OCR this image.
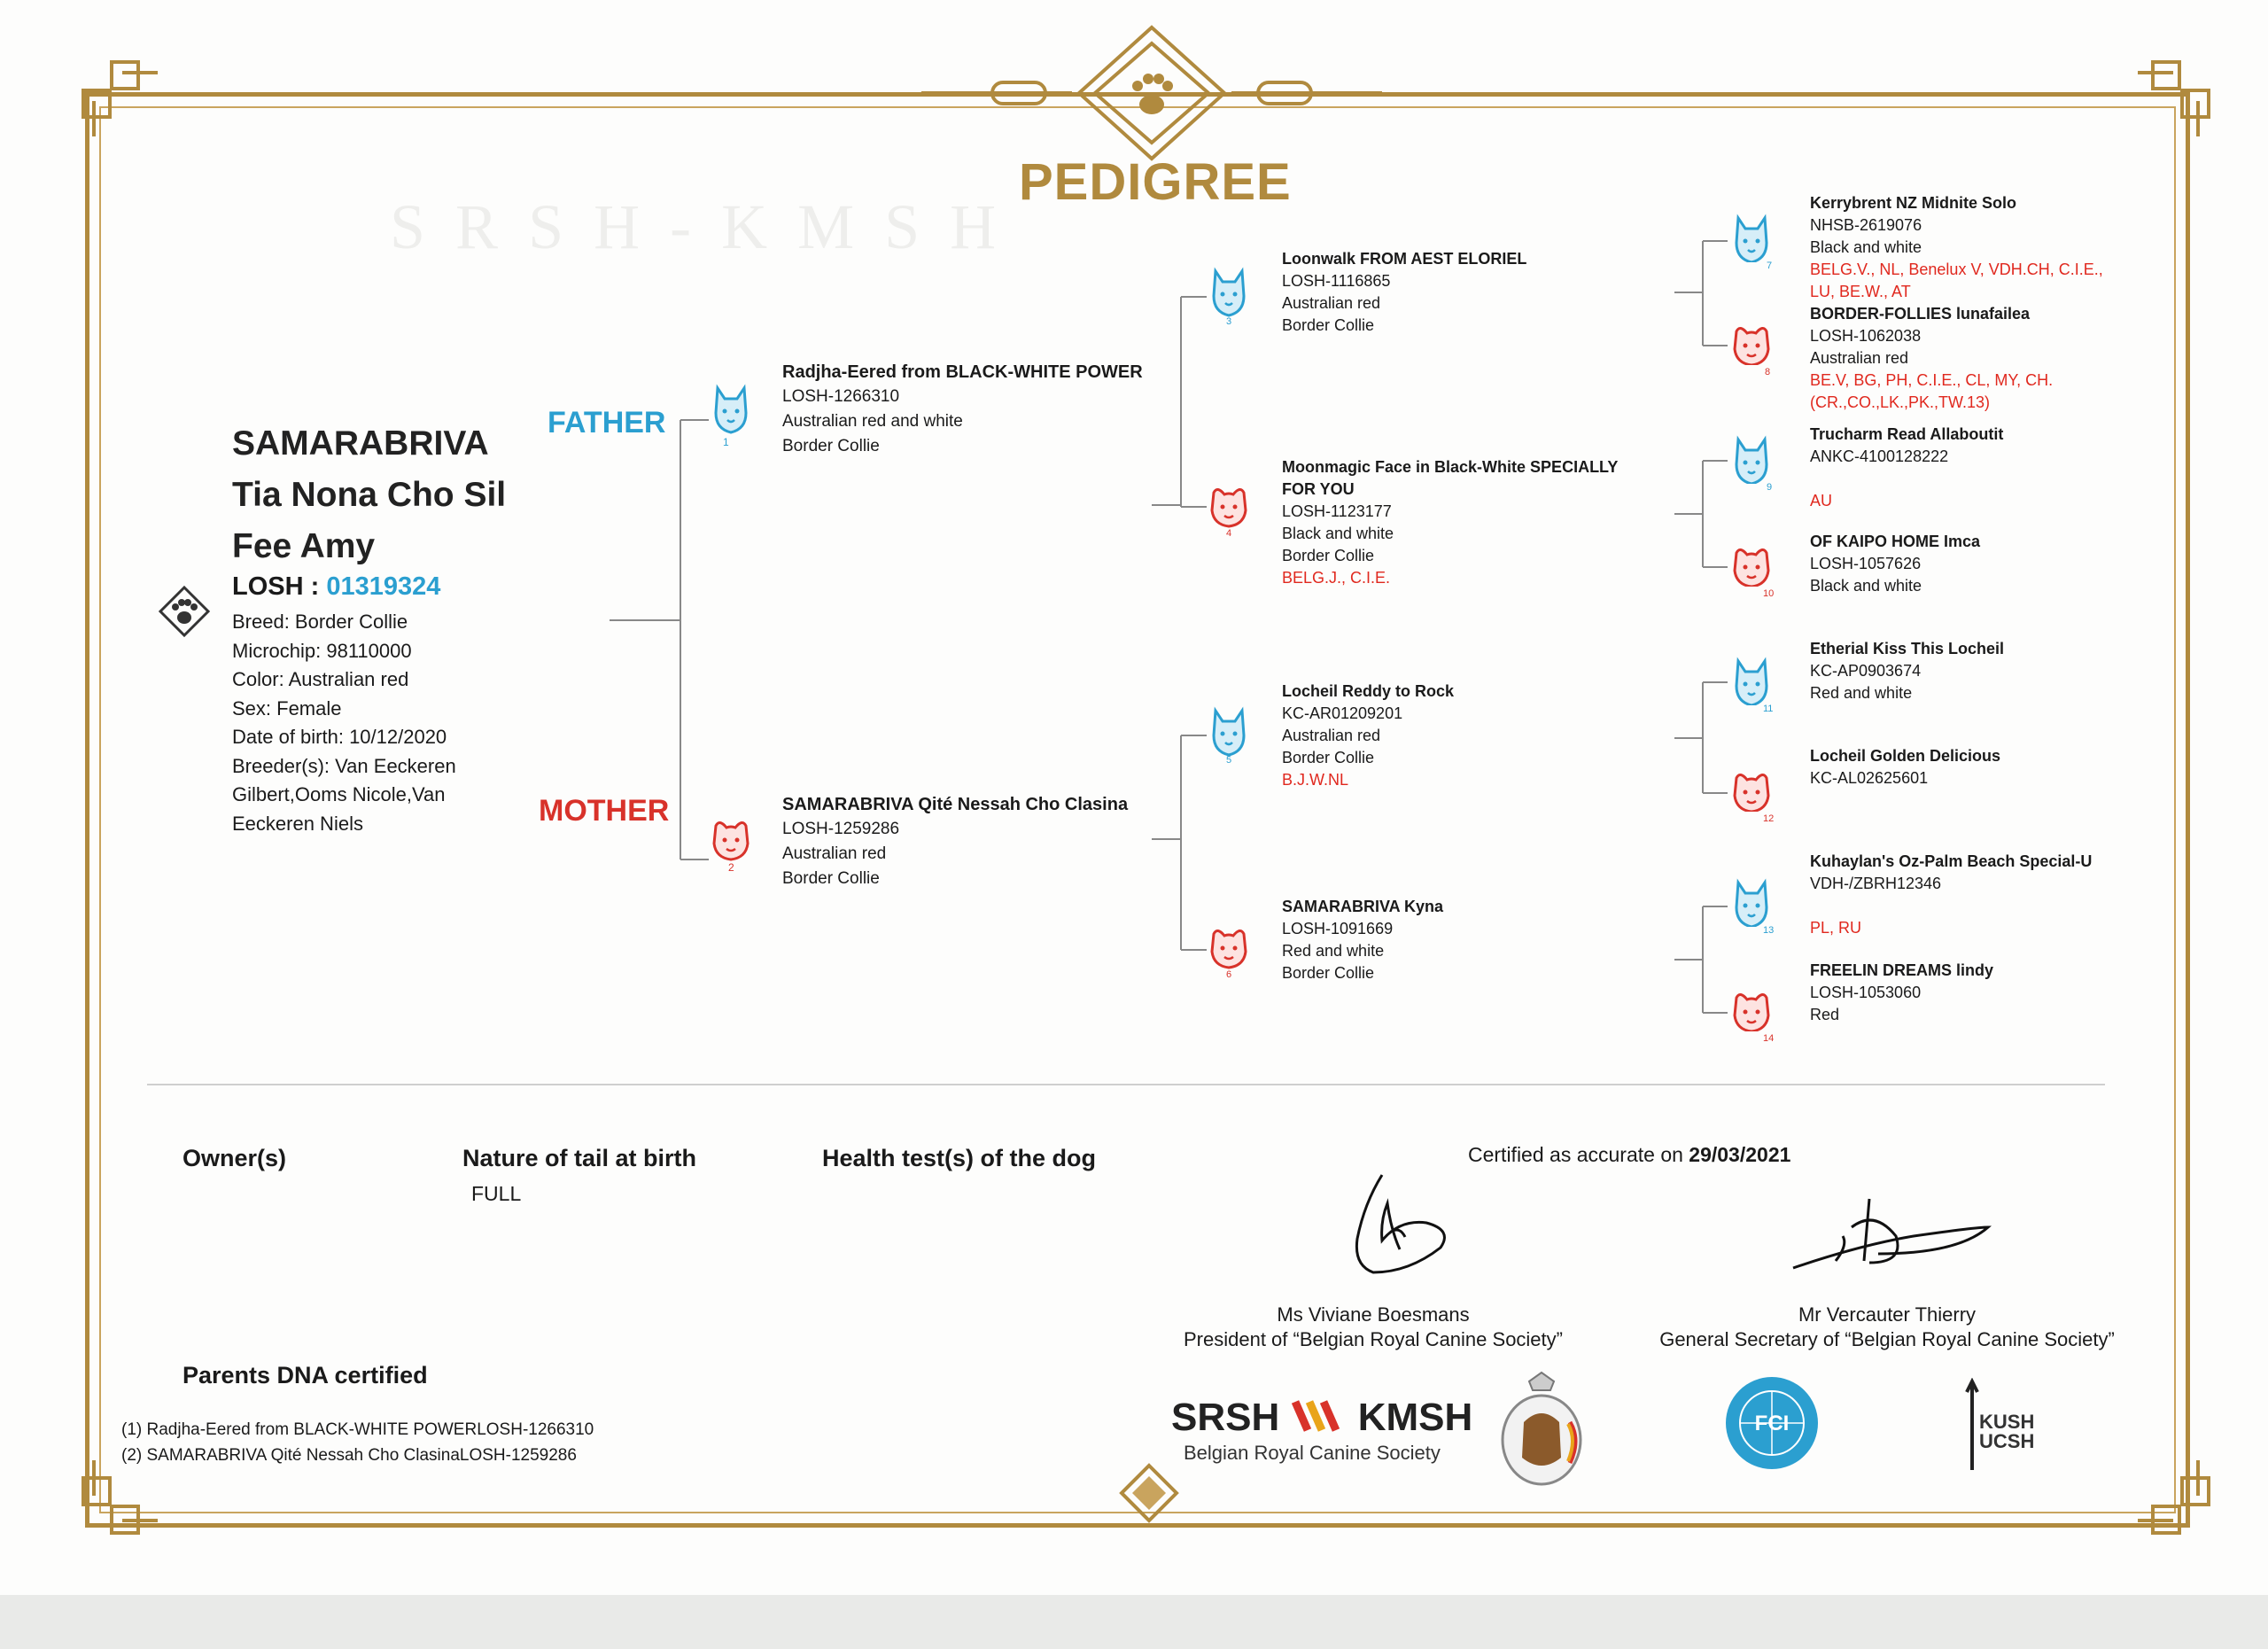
SRSH-KMSH
PEDIGREE
SAMARABRIVA
Tia Nona Cho Sil
Fee Amy
LOSH : 01319324
Breed: Border Collie
Microchip: 98110000
Color: Australian red
Sex: Female
Date of birth: 10/12/2020
Breeder(s): Van Eeckeren Gilbert,Ooms Nicole,Van Eeckeren Niels
FATHER
MOTHER
1
Radjha-Eered from BLACK-WHITE POWER
LOSH-1266310
Australian red and white
Border Collie
2
SAMARABRIVA Qité Nessah Cho Clasina
LOSH-1259286
Australian red
Border Collie
3
Loonwalk FROM AEST ELORIEL
LOSH-1116865
Australian red
Border Collie
4
Moonmagic Face in Black-White SPECIALLY FOR YOU
LOSH-1123177
Black and white
Border Collie
BELG.J., C.I.E.
5
Locheil Reddy to Rock
KC-AR01209201
Australian red
Border Collie
B.J.W.NL
6
SAMARABRIVA Kyna
LOSH-1091669
Red and white
Border Collie
7
Kerrybrent NZ Midnite Solo
NHSB-2619076
Black and white
BELG.V., NL, Benelux V, VDH.CH, C.I.E., LU, BE.W., AT
8
BORDER-FOLLIES lunafailea
LOSH-1062038
Australian red
BE.V, BG, PH, C.I.E., CL, MY, CH.(CR.,CO.,LK.,PK.,TW.13)
9
Trucharm Read Allaboutit
ANKC-4100128222
AU
10
OF KAIPO HOME Imca
LOSH-1057626
Black and white
11
Etherial Kiss This Locheil
KC-AP0903674
Red and white
12
Locheil Golden Delicious
KC-AL02625601
13
Kuhaylan's Oz-Palm Beach Special-U
VDH-/ZBRH12346
PL, RU
14
FREELIN DREAMS lindy
LOSH-1053060
Red
Owner(s)	Nature of tail at birth
FULL
Health test(s) of the dog	Certified as accurate on 29/03/2021
Ms Viviane Boesmans
President of “Belgian Royal Canine Society”
Mr Vercauter Thierry
General Secretary of “Belgian Royal Canine Society”
Parents DNA certified
(1) Radjha-Eered from BLACK-WHITE POWERLOSH-1266310
(2) SAMARABRIVA Qité Nessah Cho ClasinaLOSH-1259286
SRSH KMSH
Belgian Royal Canine Society
FCI	KUSH
UCSH
